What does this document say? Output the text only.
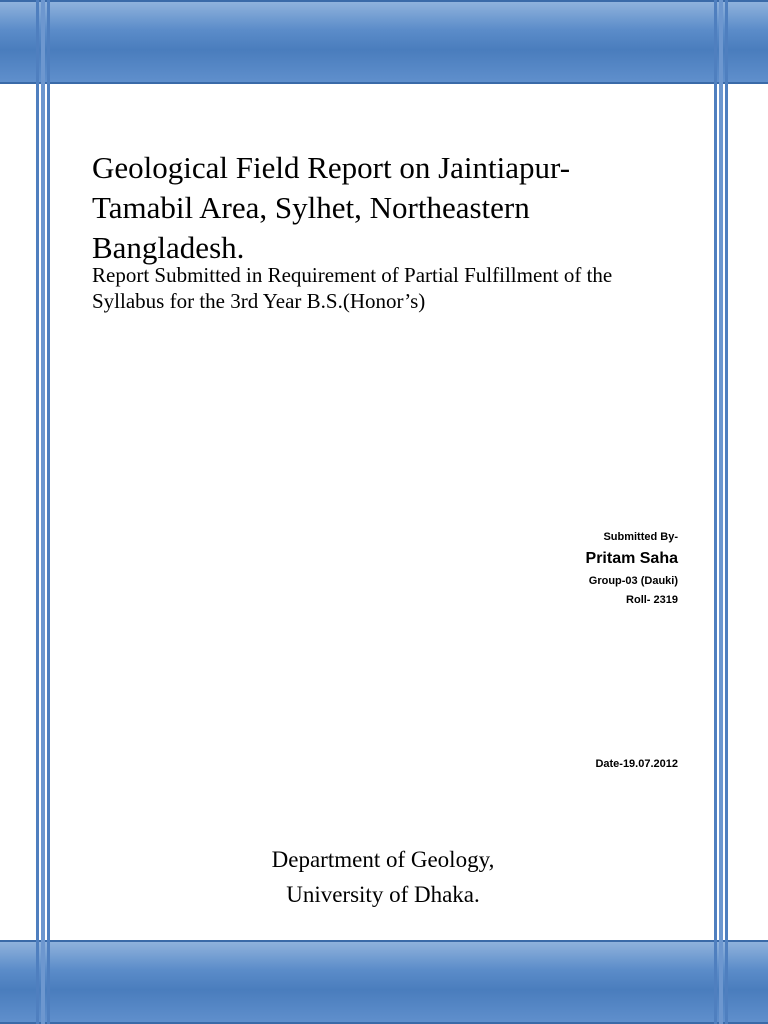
Geological Field Report on Jaintiapur-
Tamabil Area, Sylhet, Northeastern
Bangladesh.

Report Submitted in Requirement of Partial Fulfillment of the
Syllabus for the 3rd Year B.S.(Honor’s)

Submitted By-
Pritam Saha
Group-03 (Dauki)
Roll- 2319
Date-19.07.2012
Department of Geology,
University of Dhaka.
